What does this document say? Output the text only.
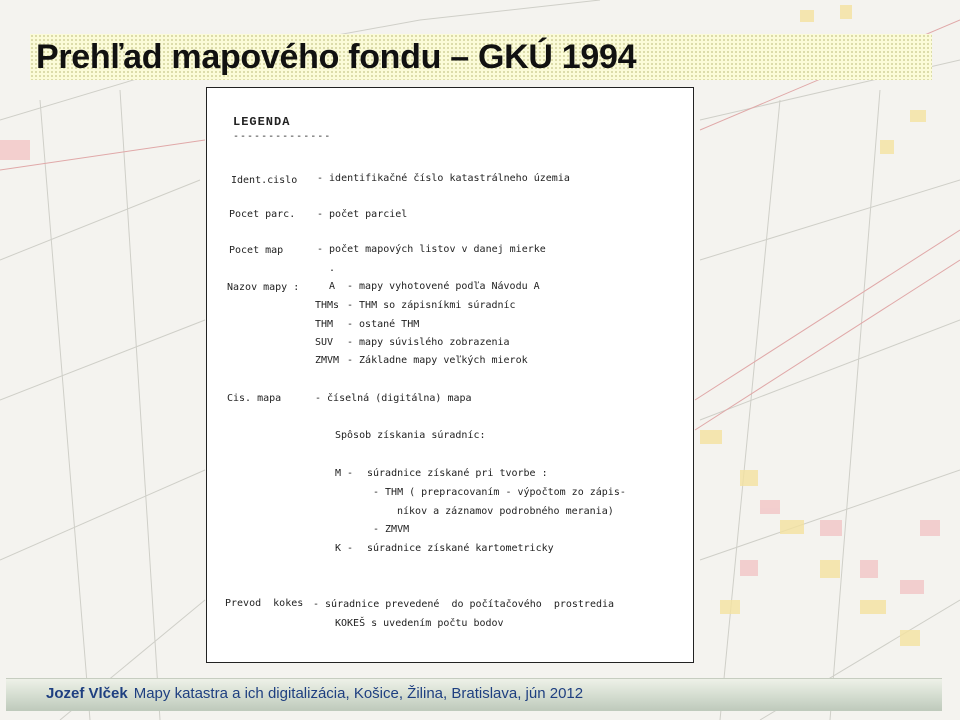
Prehľad mapového fondu – GKÚ 1994
LEGENDA
--------------
Ident.cislo - identifikačné číslo katastrálneho územia
Pocet parc. - počet parciel
Pocet map	- počet mapových listov v danej mierke
.
Nazov mapy :	A - mapy vyhotovené podľa Návodu A
THMs - THM so zápisníkmi súradníc
THM - ostané THM
SUV - mapy súvislého zobrazenia
ZMVM - Základne mapy veľkých mierok
Cis. mapa	- číselná (digitálna) mapa
Spôsob získania súradníc:
M - súradnice získané pri tvorbe :
- THM ( prepracovaním - výpočtom zo zápis-
níkov a záznamov podrobného merania)
- ZMVM
K - súradnice získané kartometricky
Prevod  kokes - súradnice prevedené  do počítačového  prostredia
KOKEŠ s uvedením počtu bodov

Jozef Vlček Mapy katastra a ich digitalizácia, Košice, Žilina, Bratislava, jún 2012
